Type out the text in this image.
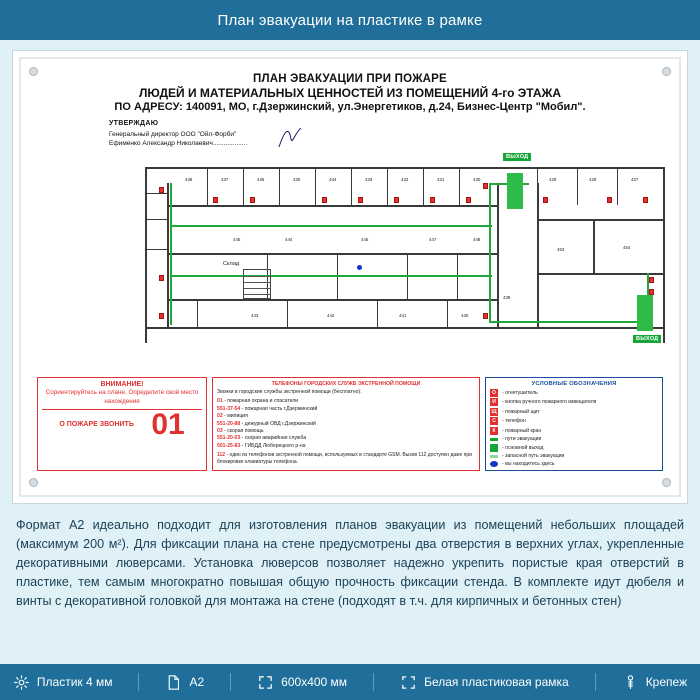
План эвакуации на пластике в рамке
ПЛАН ЭВАКУАЦИИ ПРИ ПОЖАРЕ
ЛЮДЕЙ И МАТЕРИАЛЬНЫХ ЦЕННОСТЕЙ ИЗ ПОМЕЩЕНИЙ 4-го ЭТАЖА
ПО АДРЕСУ: 140091, МО, г.Дзержинский, ул.Энергетиков, д.24, Бизнес-Центр "Мобил".
УТВЕРЖДАЮ
Генеральный директор ООО "Ойл-Форби"
Ефименко Александр Николаевич...................
ВЫХОД
ВЫХОД
438	437	436	435	434	433	432	431	430	429	428	427
445	444	446	447	448
453	454
443	442	441	440
439
Склад
ВНИМАНИЕ!
Сориентируйтесь на плане. Определите своё место нахождения
О ПОЖАРЕ ЗВОНИТЬ 01
ТЕЛЕФОНЫ ГОРОДСКИХ СЛУЖБ ЭКСТРЕННОЙ ПОМОЩИ
Звонки в городские службы экстренной помощи (бесплатно):
01 - пожарная охрана и спасатели
551-37-54 - пожарная часть г.Дзержинский
02 - милиция
551-20-88 - дежурный ОВД г.Дзержинский
03 - скорая помощь
551-20-03 - скорая аварийная служба
501-25-83 - ГИБДД Люберецкого р-на
112 - один из телефонов экстренной помощи, используемых в стандарте GSM. Вызов 112 доступен даже при блокировке клавиатуры телефона.
УСЛОВНЫЕ ОБОЗНАЧЕНИЯ
О	- огнетушитель
И	- кнопка ручного пожарного извещателя
Щ - пожарный щит
С	- телефон
К	- пожарный кран
- пути эвакуации
- основной выход
- запасной путь эвакуации
- вы находитесь здесь
Формат А2 идеально подходит для изготовления планов эвакуации из помещений небольших площадей (максимум 200 м²). Для фиксации плана на стене предусмотрены два отверстия в верхних углах, укрепленные декоративными люверсами. Установка люверсов позволяет надежно укрепить пористые края отверстий в пластике, тем самым многократно повышая общую прочность фиксации стенда. В комплекте идут дюбеля и винты с декоративной головкой для монтажа на стене (подходят в т.ч. для кирпичных и бетонных стен)
Пластик 4 мм	A2	600x400 мм	Белая пластиковая рамка	Крепеж
